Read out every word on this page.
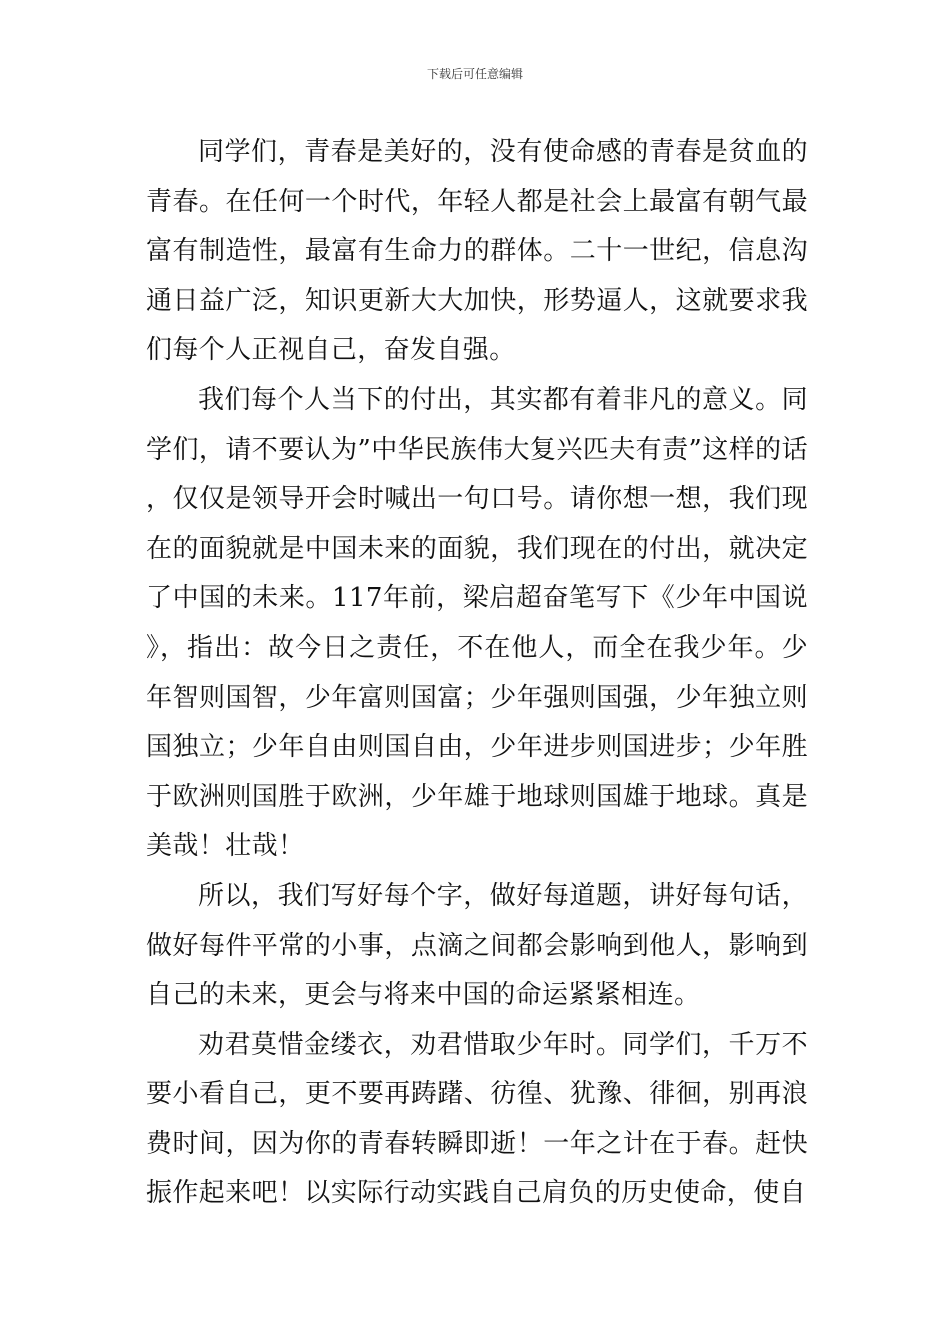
下载后可任意编辑

同学们，青春是美好的，没有使命感的青春是贫血的青春。在任何一个时代，年轻人都是社会上最富有朝气最富有制造性，最富有生命力的群体。二十一世纪，信息沟通日益广泛，知识更新大大加快，形势逼人，这就要求我们每个人正视自己，奋发自强。

我们每个人当下的付出，其实都有着非凡的意义。同学们，请不要认为”中华民族伟大复兴匹夫有责”这样的话，仅仅是领导开会时喊出一句口号。请你想一想，我们现在的面貌就是中国未来的面貌，我们现在的付出，就决定了中国的未来。117年前，梁启超奋笔写下《少年中国说》，指出：故今日之责任，不在他人，而全在我少年。少年智则国智，少年富则国富；少年强则国强，少年独立则国独立；少年自由则国自由，少年进步则国进步；少年胜于欧洲则国胜于欧洲，少年雄于地球则国雄于地球。真是美哉！壮哉！

所以，我们写好每个字，做好每道题，讲好每句话，做好每件平常的小事，点滴之间都会影响到他人，影响到自己的未来，更会与将来中国的命运紧紧相连。

劝君莫惜金缕衣，劝君惜取少年时。同学们，千万不要小看自己，更不要再踌躇、彷徨、犹豫、徘徊，别再浪费时间，因为你的青春转瞬即逝！一年之计在于春。赶快振作起来吧！以实际行动实践自己肩负的历史使命，使自
